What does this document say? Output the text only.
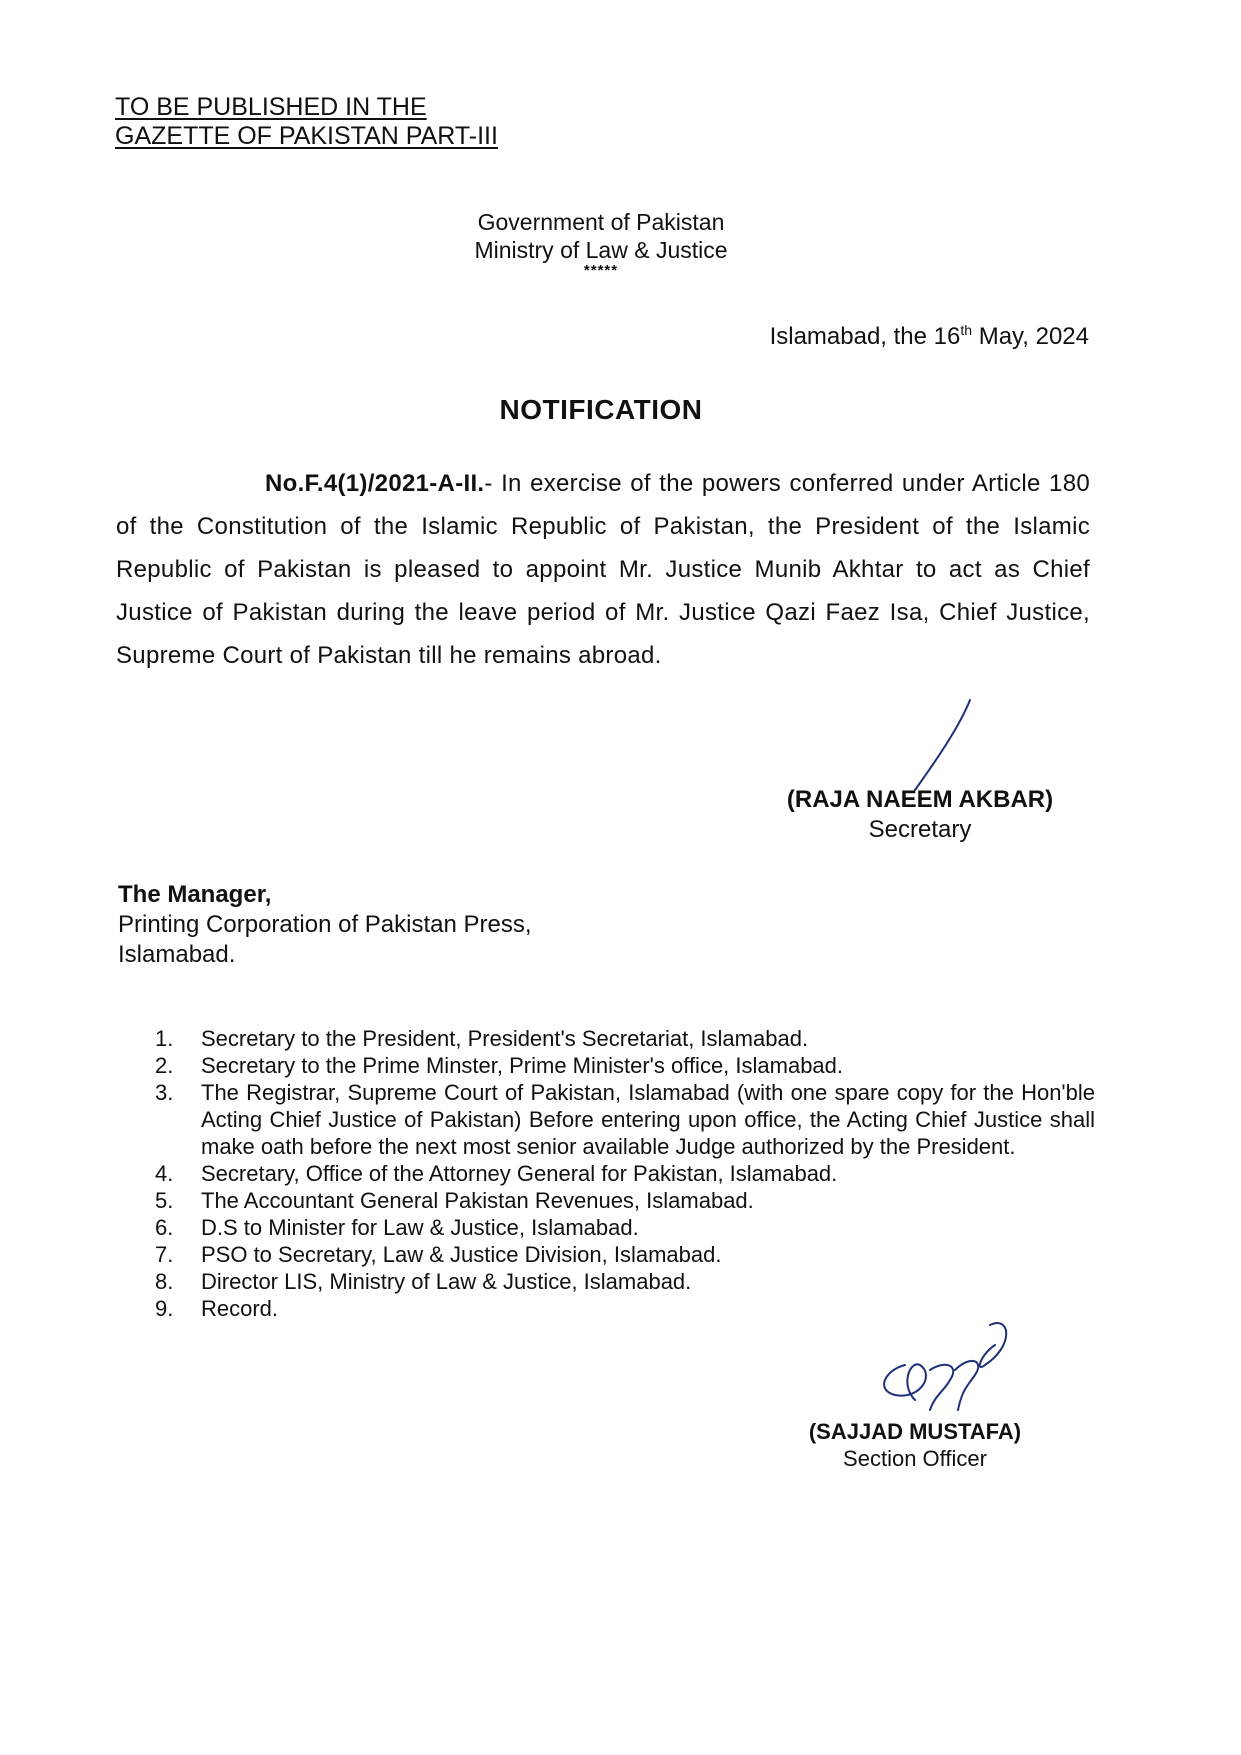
TO BE PUBLISHED IN THE
GAZETTE OF PAKISTAN PART-III
Government of Pakistan
Ministry of Law & Justice
*****
Islamabad, the 16th May, 2024
NOTIFICATION
No.F.4(1)/2021-A-II.- In exercise of the powers conferred under Article 180 of the Constitution of the Islamic Republic of Pakistan, the President of the Islamic Republic of Pakistan is pleased to appoint Mr. Justice Munib Akhtar to act as Chief Justice of Pakistan during the leave period of Mr. Justice Qazi Faez Isa, Chief Justice, Supreme Court of Pakistan till he remains abroad.
(RAJA NAEEM AKBAR)
Secretary
The Manager,
Printing Corporation of Pakistan Press,
Islamabad.
1.	Secretary to the President, President's Secretariat, Islamabad.
2.	Secretary to the Prime Minster, Prime Minister's office, Islamabad.
3.	The Registrar, Supreme Court of Pakistan, Islamabad (with one spare copy for the Hon'ble Acting Chief Justice of Pakistan) Before entering upon office, the Acting Chief Justice shall make oath before the next most senior available Judge authorized by the President.
4.	Secretary, Office of the Attorney General for Pakistan, Islamabad.
5.	The Accountant General Pakistan Revenues, Islamabad.
6.	D.S to Minister for Law & Justice, Islamabad.
7.	PSO to Secretary, Law & Justice Division, Islamabad.
8.	Director LIS, Ministry of Law & Justice, Islamabad.
9.	Record.
(SAJJAD MUSTAFA)
Section Officer
